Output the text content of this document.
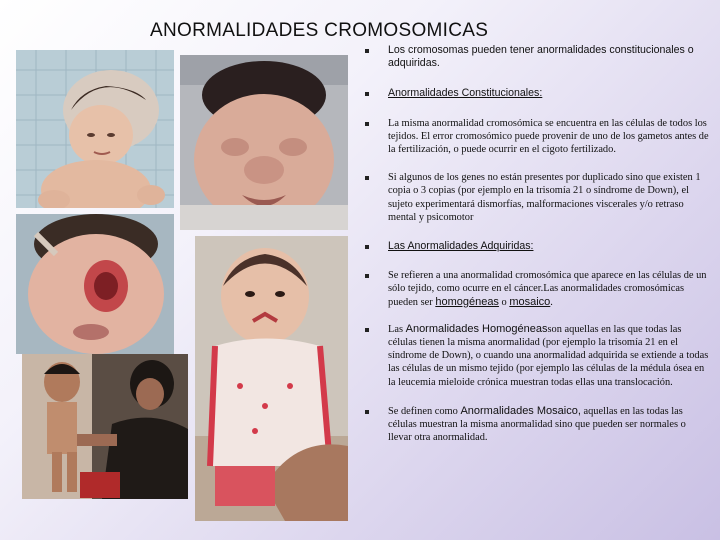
ANORMALIDADES CROMOSOMICAS
Los cromosomas pueden tener anormalidades constitucionales o adquiridas.
Anormalidades Constitucionales:
La misma anormalidad cromosómica se encuentra en las células de todos los tejidos. El error cromosómico puede provenir de uno de los gametos antes de la fertilización, o puede ocurrir en el cigoto fertilizado.
Si algunos de los genes no están presentes por duplicado sino que existen 1 copia o 3 copias (por ejemplo en la trisomía 21 o síndrome de Down), el sujeto experimentará dismorfías, malformaciones viscerales y/o retraso mental y psicomotor
Las Anormalidades Adquiridas:
Se refieren a una anormalidad cromosómica que aparece en las células de un sólo tejido, como ocurre en el cáncer.Las anormalidades cromosómicas pueden ser homogéneas o mosaico.
Las Anormalidades Homogéneasson aquellas en las que todas las células tienen la misma anormalidad (por ejemplo la trisomía 21 en el síndrome de Down), o cuando una anormalidad adquirida se extiende a todas las células de un mismo tejido (por ejemplo las células de la médula ósea en la leucemia mieloide crónica muestran todas ellas una translocación.
Se definen como Anormalidades Mosaico, aquellas en las todas las células muestran la misma anormalidad sino que pueden ser normales o llevar otra anormalidad.
